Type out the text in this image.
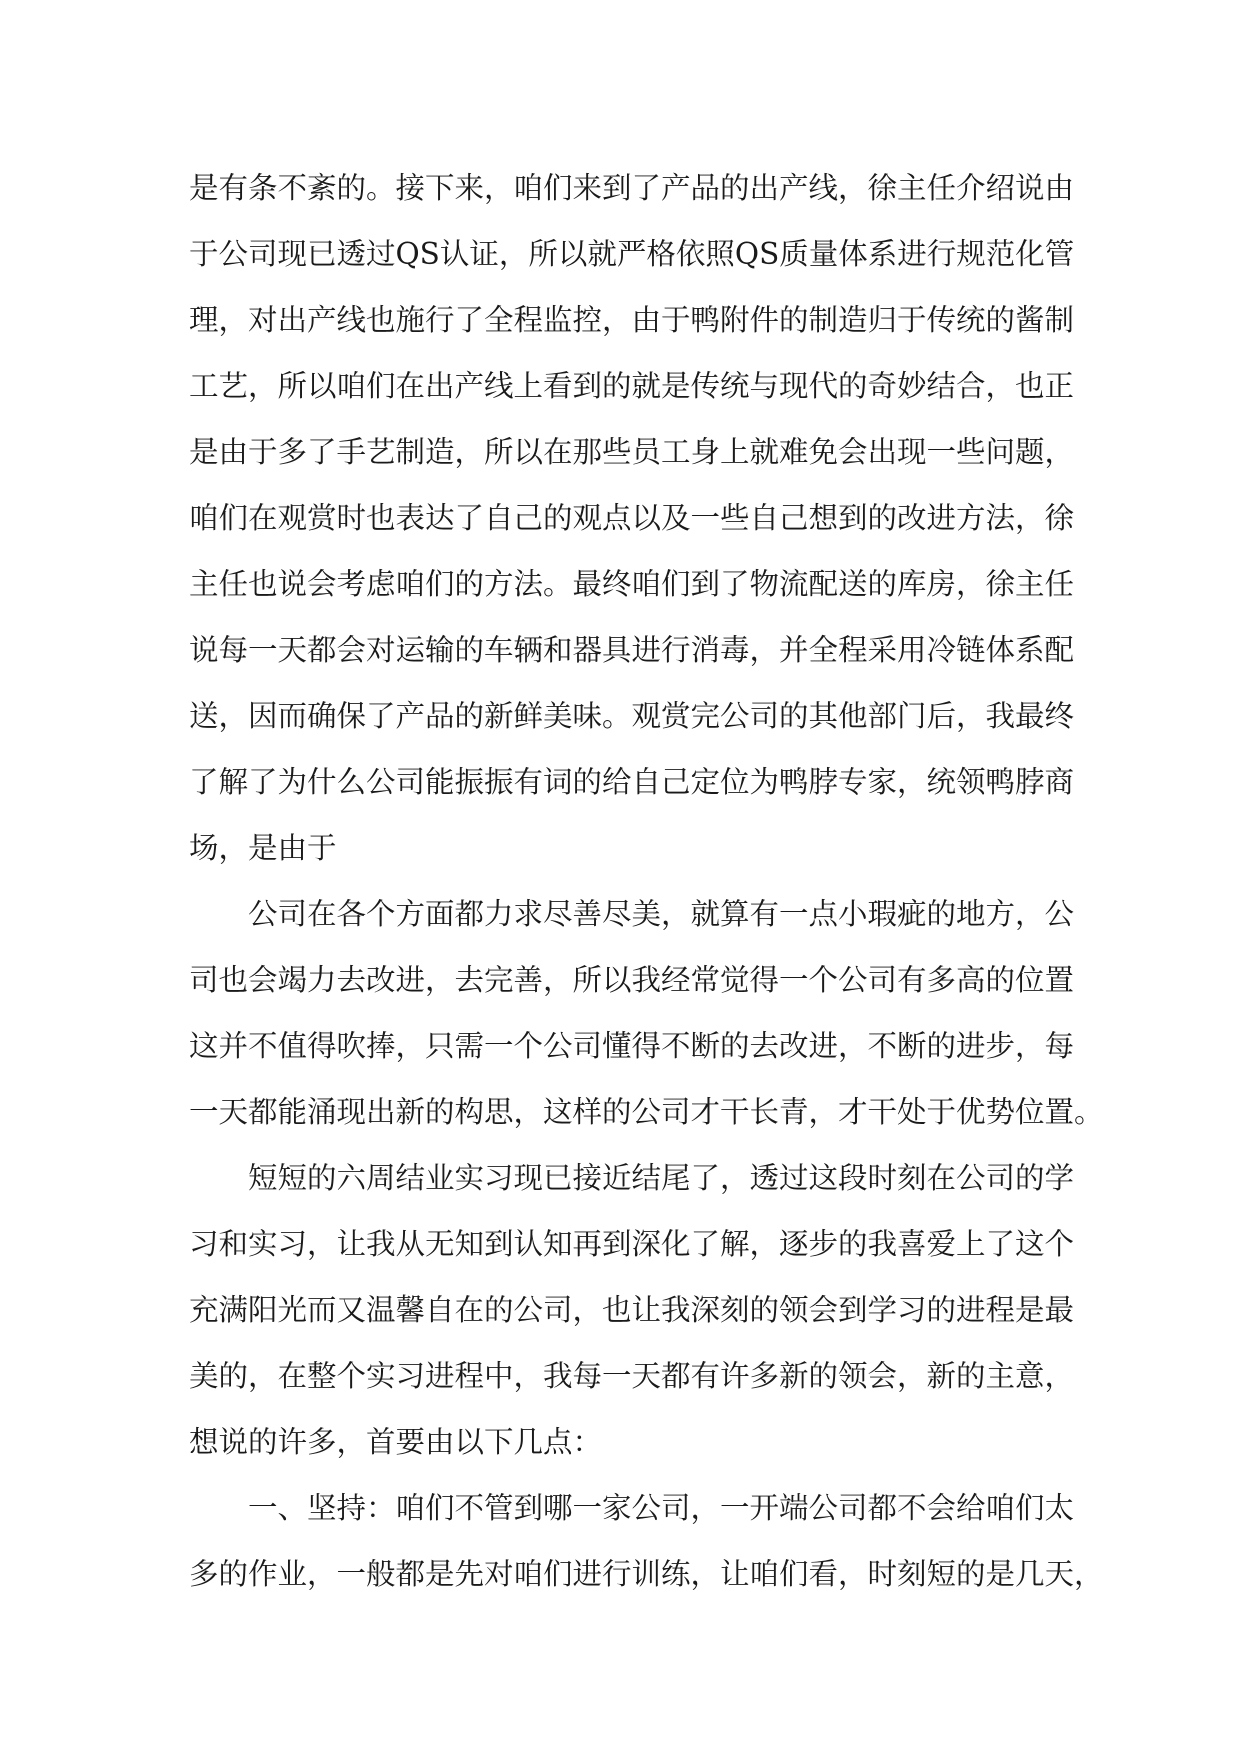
是有条不紊的。接下来，咱们来到了产品的出产线，徐主任介绍说由
于公司现已透过QS认证，所以就严格依照QS质量体系进行规范化管
理，对出产线也施行了全程监控，由于鸭附件的制造归于传统的酱制
工艺，所以咱们在出产线上看到的就是传统与现代的奇妙结合，也正
是由于多了手艺制造，所以在那些员工身上就难免会出现一些问题，
咱们在观赏时也表达了自己的观点以及一些自己想到的改进方法，徐
主任也说会考虑咱们的方法。最终咱们到了物流配送的库房，徐主任
说每一天都会对运输的车辆和器具进行消毒，并全程采用冷链体系配
送，因而确保了产品的新鲜美味。观赏完公司的其他部门后，我最终
了解了为什么公司能振振有词的给自己定位为鸭脖专家，统领鸭脖商
场，是由于
公司在各个方面都力求尽善尽美，就算有一点小瑕疵的地方，公
司也会竭力去改进，去完善，所以我经常觉得一个公司有多高的位置
这并不值得吹捧，只需一个公司懂得不断的去改进，不断的进步，每
一天都能涌现出新的构思，这样的公司才干长青，才干处于优势位置。
短短的六周结业实习现已接近结尾了，透过这段时刻在公司的学
习和实习，让我从无知到认知再到深化了解，逐步的我喜爱上了这个
充满阳光而又温馨自在的公司，也让我深刻的领会到学习的进程是最
美的，在整个实习进程中，我每一天都有许多新的领会，新的主意，
想说的许多，首要由以下几点：
一、坚持：咱们不管到哪一家公司，一开端公司都不会给咱们太
多的作业，一般都是先对咱们进行训练，让咱们看，时刻短的是几天，
